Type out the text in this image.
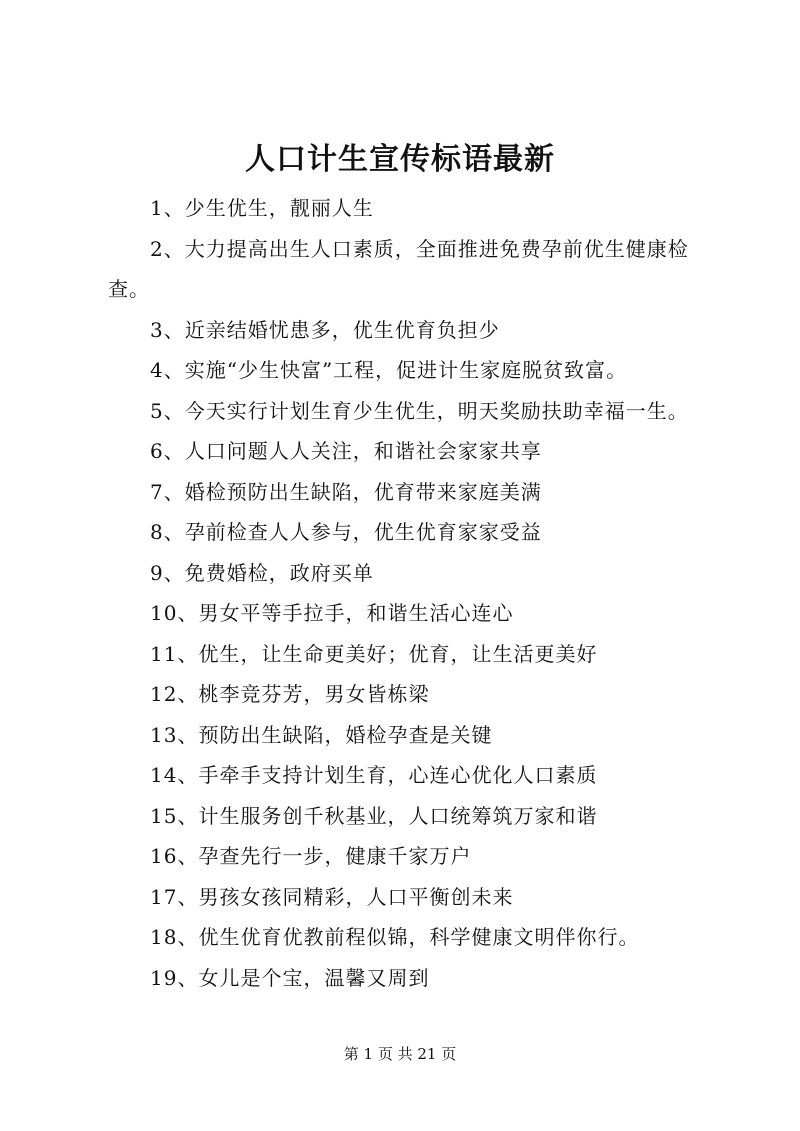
人口计生宣传标语最新
1、少生优生，靓丽人生
2、大力提高出生人口素质，全面推进免费孕前优生健康检查。
3、近亲结婚忧患多，优生优育负担少
4、实施“少生快富”工程，促进计生家庭脱贫致富。
5、今天实行计划生育少生优生，明天奖励扶助幸福一生。
6、人口问题人人关注，和谐社会家家共享
7、婚检预防出生缺陷，优育带来家庭美满
8、孕前检查人人参与，优生优育家家受益
9、免费婚检，政府买单
10、男女平等手拉手，和谐生活心连心
11、优生，让生命更美好；优育，让生活更美好
12、桃李竞芬芳，男女皆栋梁
13、预防出生缺陷，婚检孕查是关键
14、手牵手支持计划生育，心连心优化人口素质
15、计生服务创千秋基业，人口统筹筑万家和谐
16、孕查先行一步，健康千家万户
17、男孩女孩同精彩，人口平衡创未来
18、优生优育优教前程似锦，科学健康文明伴你行。
19、女儿是个宝，温馨又周到
第 1 页 共 21 页
